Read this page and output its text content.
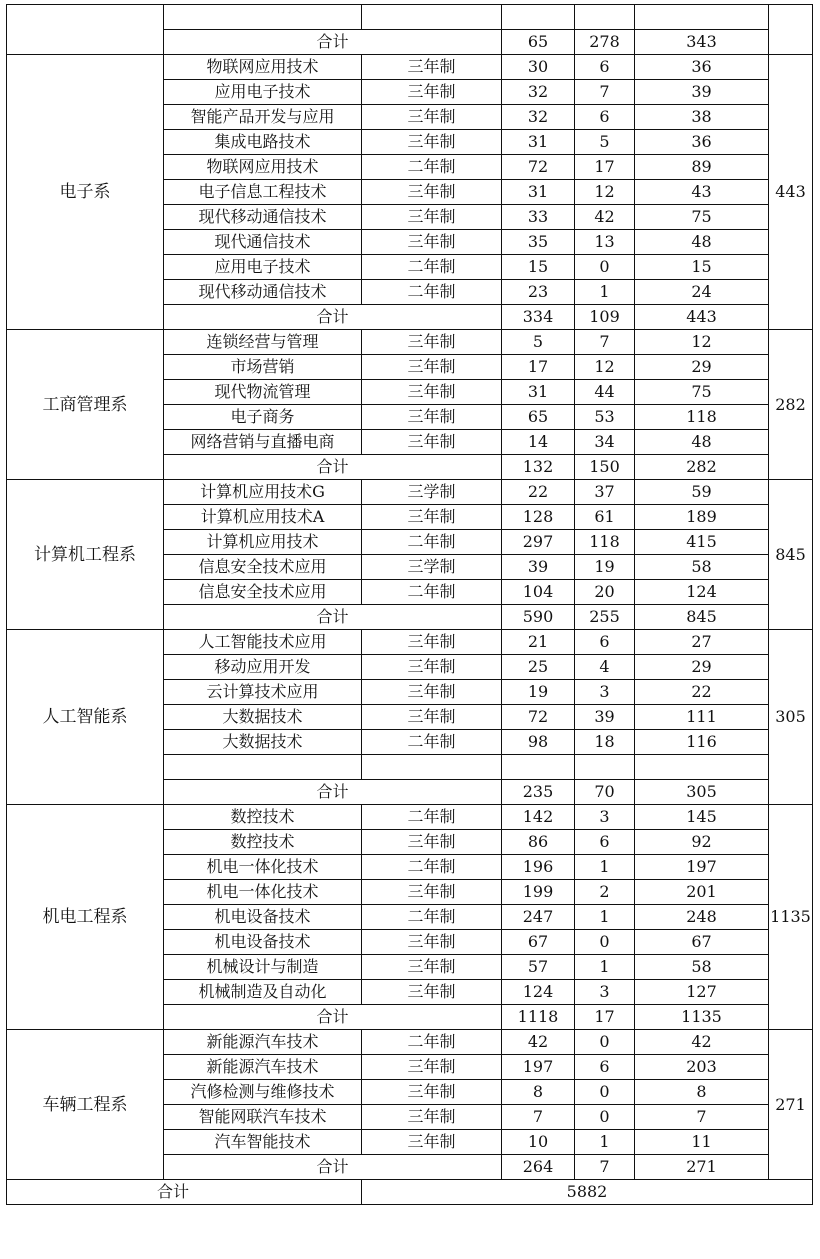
	合计		65	278	343	
电子系	物联网应用技术	三年制	30	6	36	443
	应用电子技术	三年制	32	7	39	
	智能产品开发与应用	三年制	32	6	38	
	集成电路技术	三年制	31	5	36	
	物联网应用技术	二年制	72	17	89	
	电子信息工程技术	三年制	31	12	43	
	现代移动通信技术	三年制	33	42	75	
	现代通信技术	三年制	35	13	48	
	应用电子技术	二年制	15	0	15	
	现代移动通信技术	二年制	23	1	24	
	合计		334	109	443	
工商管理系	连锁经营与管理	三年制	5	7	12	282
	市场营销	三年制	17	12	29	
	现代物流管理	三年制	31	44	75	
	电子商务	三年制	65	53	118	
	网络营销与直播电商	三年制	14	34	48	
	合计		132	150	282	
计算机工程系	计算机应用技术G	三学制	22	37	59	845
	计算机应用技术A	三年制	128	61	189	
	计算机应用技术	二年制	297	118	415	
	信息安全技术应用	三学制	39	19	58	
	信息安全技术应用	二年制	104	20	124	
	合计		590	255	845	
人工智能系	人工智能技术应用	三年制	21	6	27	305
	移动应用开发	三年制	25	4	29	
	云计算技术应用	三年制	19	3	22	
	大数据技术	三年制	72	39	111	
	大数据技术	二年制	98	18	116	

	合计		235	70	305	
机电工程系	数控技术	二年制	142	3	145	1135
	数控技术	三年制	86	6	92	
	机电一体化技术	二年制	196	1	197	
	机电一体化技术	三年制	199	2	201	
	机电设备技术	二年制	247	1	248	
	机电设备技术	三年制	67	0	67	
	机械设计与制造	三年制	57	1	58	
	机械制造及自动化	三年制	124	3	127	
	合计		1118	17	1135	
车辆工程系	新能源汽车技术	二年制	42	0	42	271
	新能源汽车技术	三年制	197	6	203	
	汽修检测与维修技术	三年制	8	0	8	
	智能网联汽车技术	三年制	7	0	7	
	汽车智能技术	三年制	10	1	11	
	合计		264	7	271	
合计		5882				
